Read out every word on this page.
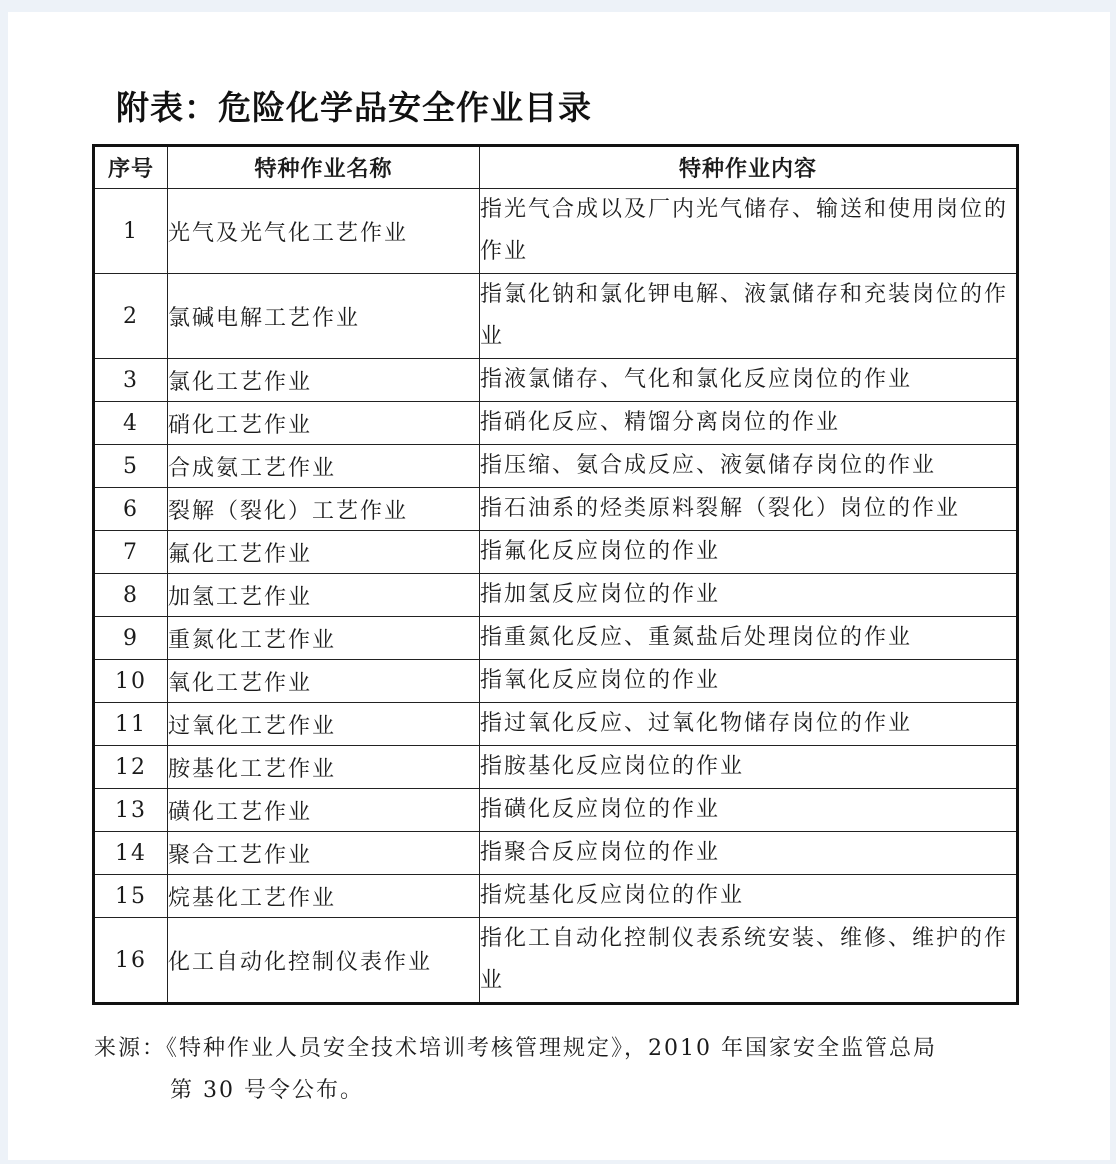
附表：危险化学品安全作业目录
序号	特种作业名称	特种作业内容
1	光气及光气化工艺作业	指光气合成以及厂内光气储存、输送和使用岗位的作业
2	氯碱电解工艺作业	指氯化钠和氯化钾电解、液氯储存和充装岗位的作业
3	氯化工艺作业	指液氯储存、气化和氯化反应岗位的作业
4	硝化工艺作业	指硝化反应、精馏分离岗位的作业
5	合成氨工艺作业	指压缩、氨合成反应、液氨储存岗位的作业
6	裂解（裂化）工艺作业	指石油系的烃类原料裂解（裂化）岗位的作业
7	氟化工艺作业	指氟化反应岗位的作业
8	加氢工艺作业	指加氢反应岗位的作业
9	重氮化工艺作业	指重氮化反应、重氮盐后处理岗位的作业
10	氧化工艺作业	指氧化反应岗位的作业
11	过氧化工艺作业	指过氧化反应、过氧化物储存岗位的作业
12	胺基化工艺作业	指胺基化反应岗位的作业
13	磺化工艺作业	指磺化反应岗位的作业
14	聚合工艺作业	指聚合反应岗位的作业
15	烷基化工艺作业	指烷基化反应岗位的作业
16	化工自动化控制仪表作业	指化工自动化控制仪表系统安装、维修、维护的作业
来源：《特种作业人员安全技术培训考核管理规定》，2010 年国家安全监管总局
第 30 号令公布。
